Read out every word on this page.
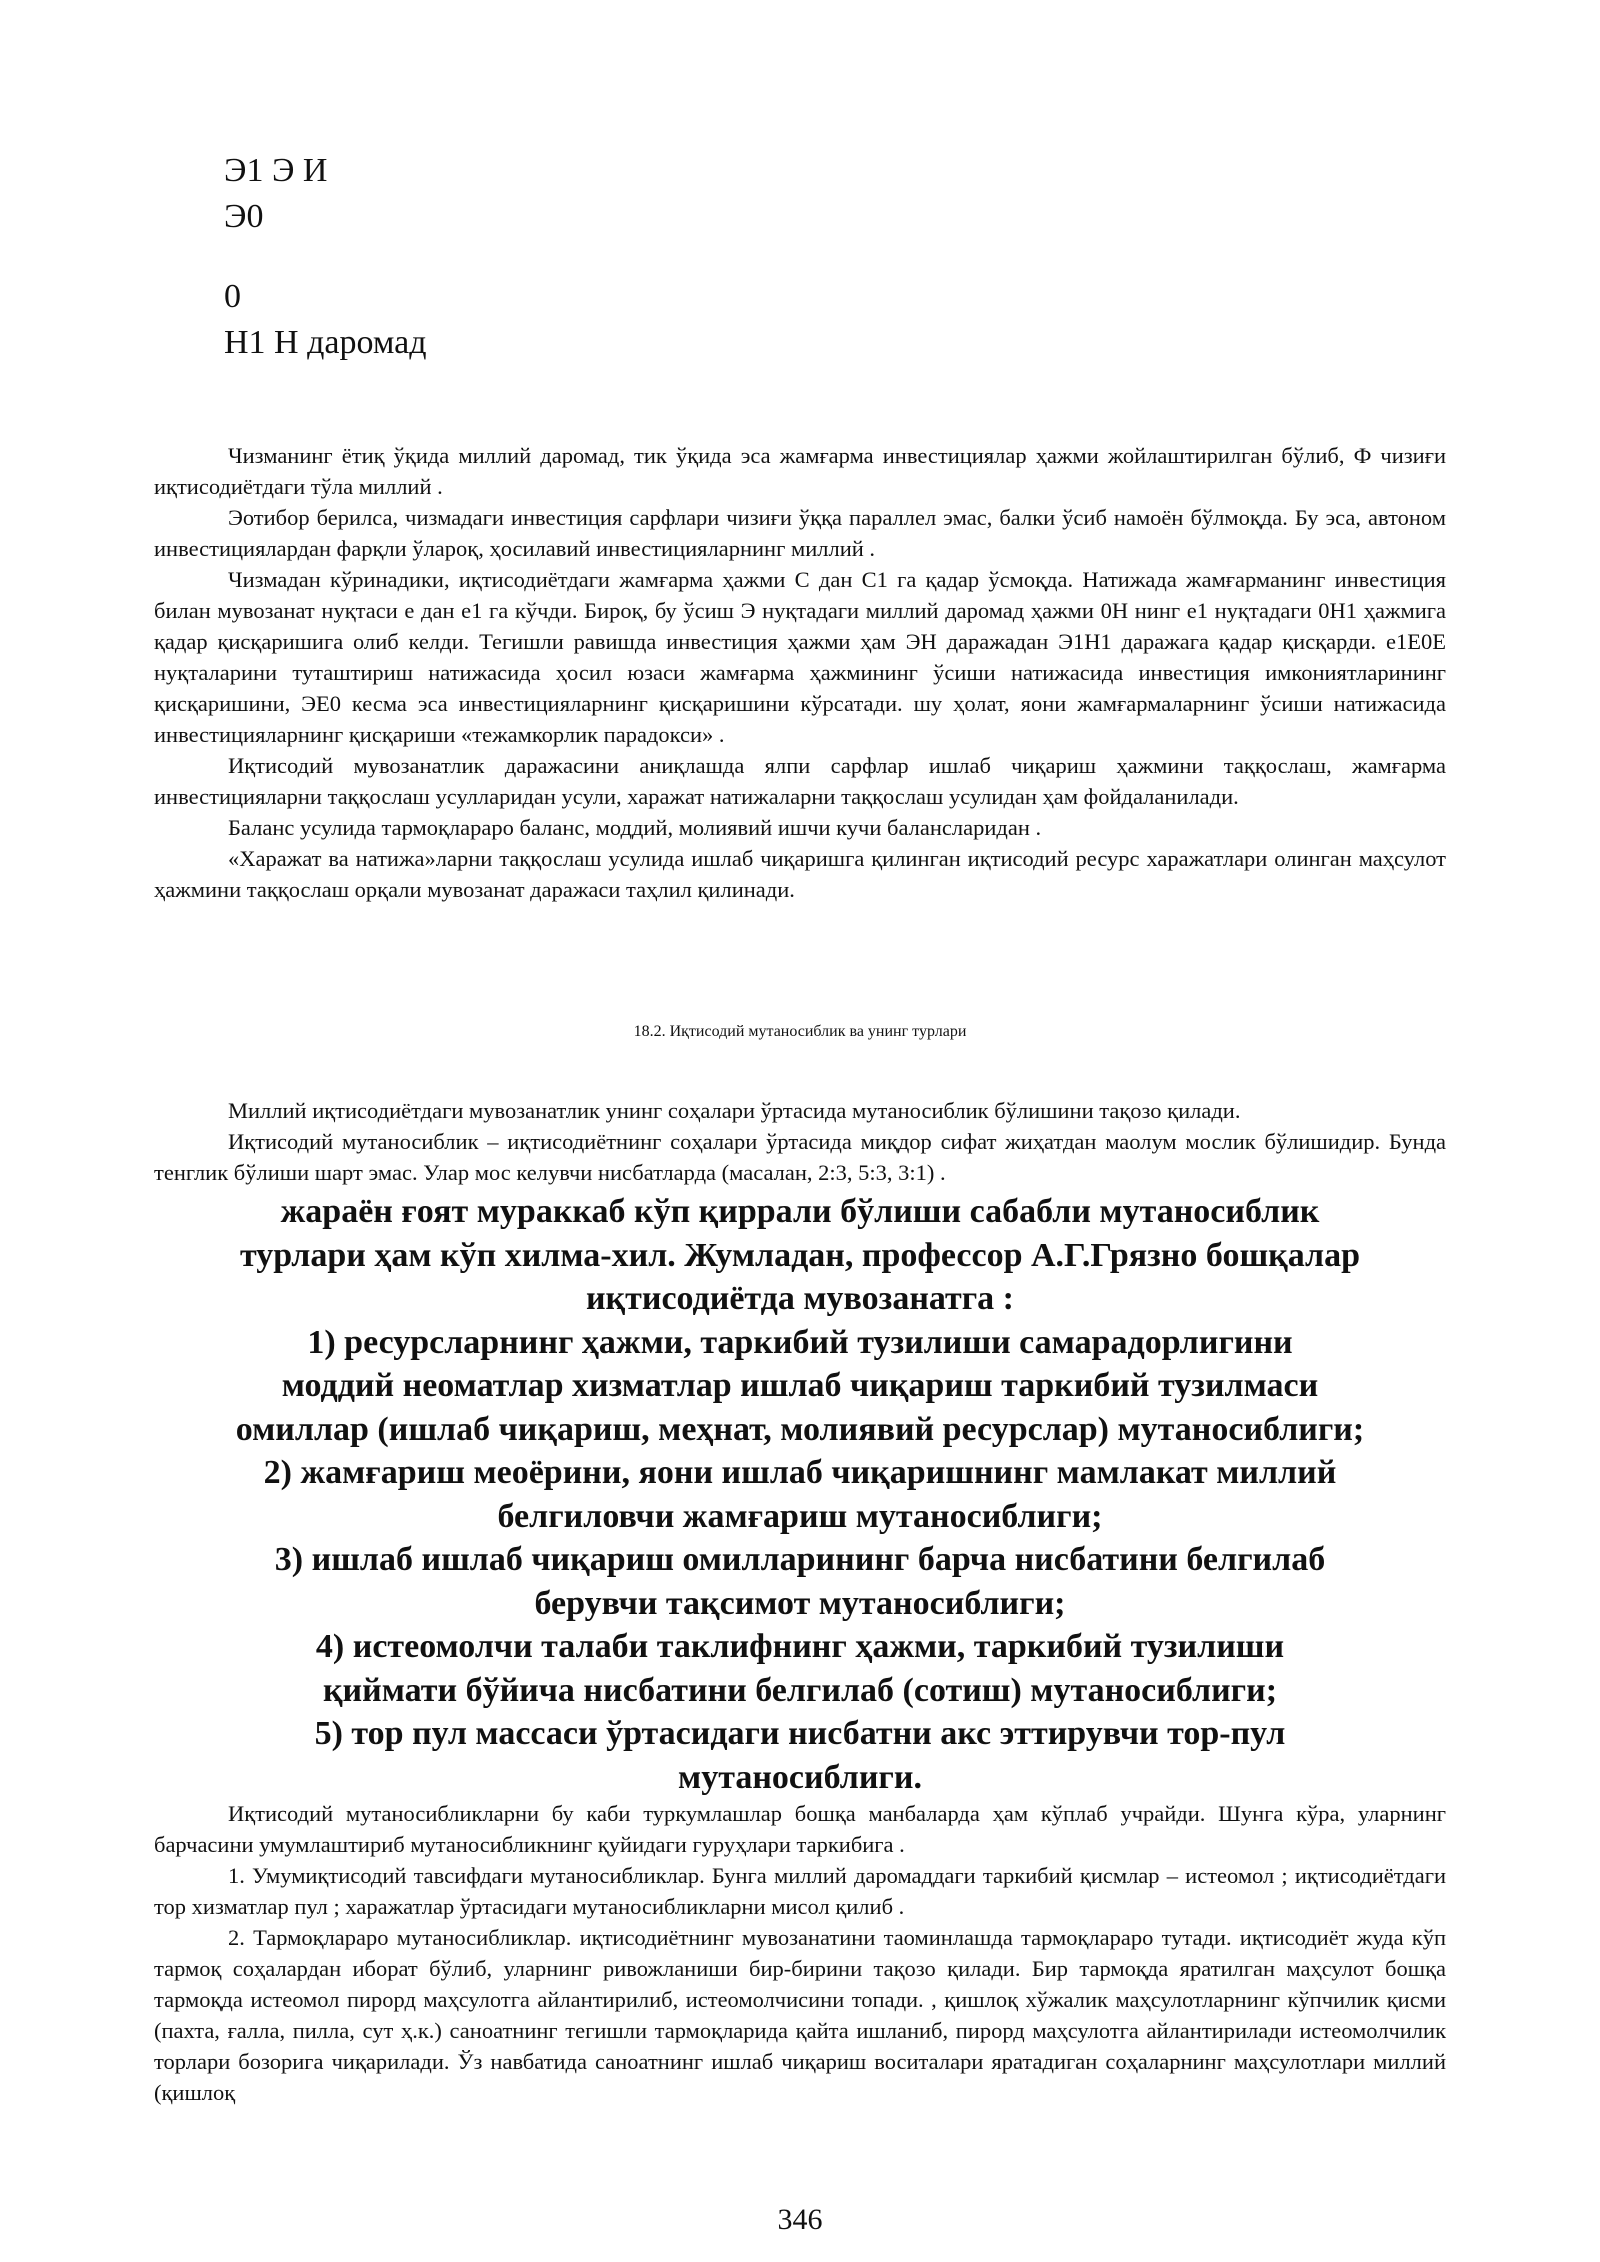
Э1 Э И
Э0
0
Н1 Н даромад

Чизманинг ётиқ ўқида миллий даромад, тик ўқида эса жамғарма инвестициялар ҳажми жойлаштирилган бўлиб, Ф чизиғи иқтисодиётдаги тўла миллий .

Эотибор берилса, чизмадаги инвестиция сарфлари чизиғи ўққа параллел эмас, балки ўсиб намоён бўлмоқда. Бу эса, автоном инвестициялардан фарқли ўлароқ, ҳосилавий инвестицияларнинг миллий .

Чизмадан кўринадики, иқтисодиётдаги жамғарма ҳажми С дан С1 га қадар ўсмоқда. Натижада жамғарманинг инвестиция билан мувозанат нуқтаси е дан е1 га кўчди. Бироқ, бу ўсиш Э нуқтадаги миллий даромад ҳажми 0Н нинг е1 нуқтадаги 0Н1 ҳажмига қадар қисқаришига олиб келди. Тегишли равишда инвестиция ҳажми ҳам ЭН даражадан Э1Н1 даражага қадар қисқарди. е1Е0Е нуқталарини туташтириш натижасида ҳосил юзаси жамғарма ҳажмининг ўсиши натижасида инвестиция имкониятларининг қисқаришини, ЭЕ0 кесма эса инвестицияларнинг қисқаришини кўрсатади. шу ҳолат, яони жамғармаларнинг ўсиши натижасида инвестицияларнинг қисқариши «тежамкорлик парадокси» .

Иқтисодий мувозанатлик даражасини аниқлашда ялпи сарфлар ишлаб чиқариш ҳажмини таққослаш, жамғарма инвестицияларни таққослаш усулларидан усули, харажат натижаларни таққослаш усулидан ҳам фойдаланилади.

Баланс усулида тармоқлараро баланс, моддий, молиявий ишчи кучи балансларидан .

«Харажат ва натижа»ларни таққослаш усулида ишлаб чиқаришга қилинган иқтисодий ресурс харажатлари олинган маҳсулот ҳажмини таққослаш орқали мувозанат даражаси таҳлил қилинади.

18.2. Иқтисодий мутаносиблик ва унинг турлари

Миллий иқтисодиётдаги мувозанатлик унинг соҳалари ўртасида мутаносиблик бўлишини тақозо қилади.

Иқтисодий мутаносиблик – иқтисодиётнинг соҳалари ўртасида миқдор сифат жиҳатдан маолум мослик бўлишидир. Бунда тенглик бўлиши шарт эмас. Улар мос келувчи нисбатларда (масалан, 2:3, 5:3, 3:1) .

жараён ғоят мураккаб кўп қиррали бўлиши сабабли мутаносиблик
турлари ҳам кўп хилма-хил. Жумладан, профессор А.Г.Грязно бошқалар
иқтисодиётда мувозанатга :
1) ресурсларнинг ҳажми, таркибий тузилиши самарадорлигини
моддий неоматлар хизматлар ишлаб чиқариш таркибий тузилмаси
омиллар (ишлаб чиқариш, меҳнат, молиявий ресурслар) мутаносиблиги;
2) жамғариш меоёрини, яони ишлаб чиқаришнинг мамлакат миллий
белгиловчи жамғариш мутаносиблиги;
3) ишлаб ишлаб чиқариш омилларининг барча нисбатини белгилаб
берувчи тақсимот мутаносиблиги;
4) истеомолчи талаби таклифнинг ҳажми, таркибий тузилиши
қиймати бўйича нисбатини белгилаб (сотиш) мутаносиблиги;
5) тор пул массаси ўртасидаги нисбатни акс эттирувчи тор-пул
мутаносиблиги.

Иқтисодий мутаносибликларни бу каби туркумлашлар бошқа манбаларда ҳам кўплаб учрайди. Шунга кўра, уларнинг барчасини умумлаштириб мутаносибликнинг қуйидаги гуруҳлари таркибига .

1. Умумиқтисодий тавсифдаги мутаносибликлар. Бунга миллий даромаддаги таркибий қисмлар – истеомол ; иқтисодиётдаги тор хизматлар пул ; харажатлар ўртасидаги мутаносибликларни мисол қилиб .

2. Тармоқлараро мутаносибликлар. иқтисодиётнинг мувозанатини таоминлашда тармоқлараро тутади. иқтисодиёт жуда кўп тармоқ соҳалардан иборат бўлиб, уларнинг ривожланиши бир-бирини тақозо қилади. Бир тармоқда яратилган маҳсулот бошқа тармоқда истеомол пирорд маҳсулотга айлантирилиб, истеомолчисини топади. , қишлоқ хўжалик маҳсулотларнинг кўпчилик қисми (пахта, ғалла, пилла, сут ҳ.к.) саноатнинг тегишли тармоқларида қайта ишланиб, пирорд маҳсулотга айлантирилади истеомолчилик торлари бозорига чиқарилади. Ўз навбатида саноатнинг ишлаб чиқариш воситалари яратадиган соҳаларнинг маҳсулотлари миллий (қишлоқ

346
